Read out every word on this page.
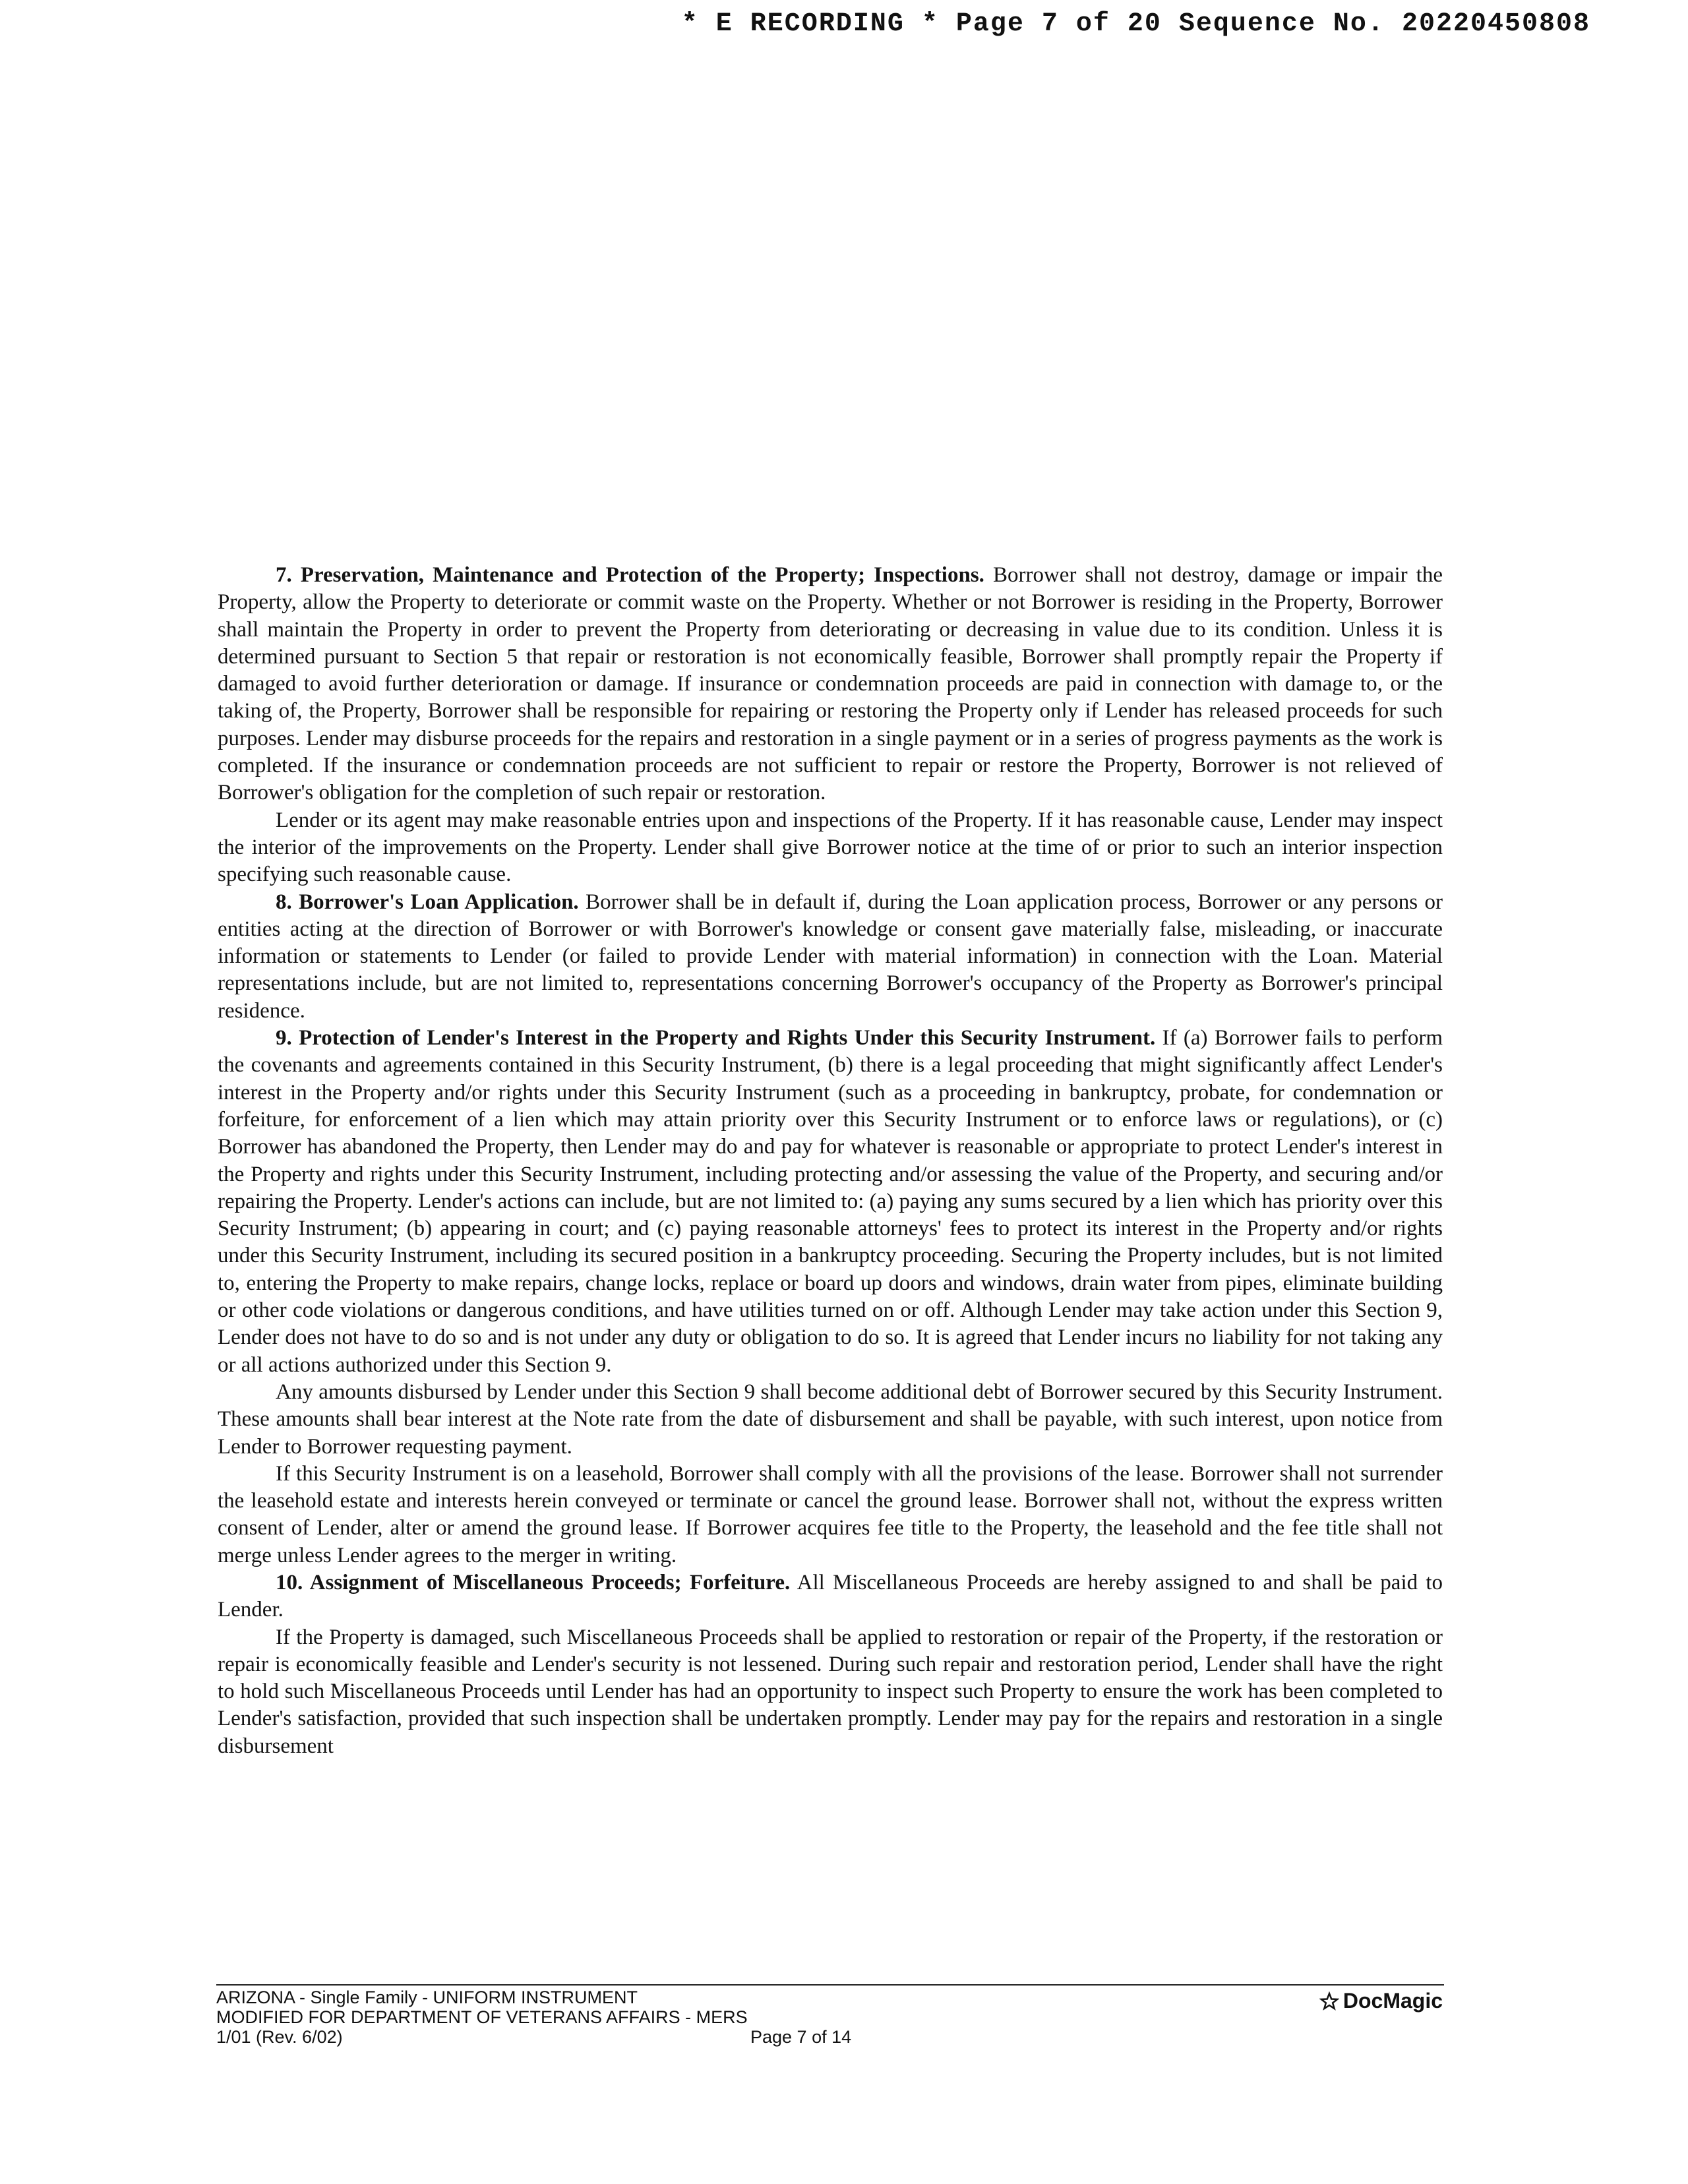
* E RECORDING * Page 7 of 20 Sequence No. 20220450808

7. Preservation, Maintenance and Protection of the Property; Inspections. Borrower shall not destroy, damage or impair the Property, allow the Property to deteriorate or commit waste on the Property. Whether or not Borrower is residing in the Property, Borrower shall maintain the Property in order to prevent the Property from deteriorating or decreasing in value due to its condition. Unless it is determined pursuant to Section 5 that repair or restoration is not economically feasible, Borrower shall promptly repair the Property if damaged to avoid further deterioration or damage. If insurance or condemnation proceeds are paid in connection with damage to, or the taking of, the Property, Borrower shall be responsible for repairing or restoring the Property only if Lender has released proceeds for such purposes. Lender may disburse proceeds for the repairs and restoration in a single payment or in a series of progress payments as the work is completed. If the insurance or condemnation proceeds are not sufficient to repair or restore the Property, Borrower is not relieved of Borrower's obligation for the completion of such repair or restoration.

Lender or its agent may make reasonable entries upon and inspections of the Property. If it has reasonable cause, Lender may inspect the interior of the improvements on the Property. Lender shall give Borrower notice at the time of or prior to such an interior inspection specifying such reasonable cause.

8. Borrower's Loan Application. Borrower shall be in default if, during the Loan application process, Borrower or any persons or entities acting at the direction of Borrower or with Borrower's knowledge or consent gave materially false, misleading, or inaccurate information or statements to Lender (or failed to provide Lender with material information) in connection with the Loan. Material representations include, but are not limited to, representations concerning Borrower's occupancy of the Property as Borrower's principal residence.

9. Protection of Lender's Interest in the Property and Rights Under this Security Instrument. If (a) Borrower fails to perform the covenants and agreements contained in this Security Instrument, (b) there is a legal proceeding that might significantly affect Lender's interest in the Property and/or rights under this Security Instrument (such as a proceeding in bankruptcy, probate, for condemnation or forfeiture, for enforcement of a lien which may attain priority over this Security Instrument or to enforce laws or regulations), or (c) Borrower has abandoned the Property, then Lender may do and pay for whatever is reasonable or appropriate to protect Lender's interest in the Property and rights under this Security Instrument, including protecting and/or assessing the value of the Property, and securing and/or repairing the Property. Lender's actions can include, but are not limited to: (a) paying any sums secured by a lien which has priority over this Security Instrument; (b) appearing in court; and (c) paying reasonable attorneys' fees to protect its interest in the Property and/or rights under this Security Instrument, including its secured position in a bankruptcy proceeding. Securing the Property includes, but is not limited to, entering the Property to make repairs, change locks, replace or board up doors and windows, drain water from pipes, eliminate building or other code violations or dangerous conditions, and have utilities turned on or off. Although Lender may take action under this Section 9, Lender does not have to do so and is not under any duty or obligation to do so. It is agreed that Lender incurs no liability for not taking any or all actions authorized under this Section 9.

Any amounts disbursed by Lender under this Section 9 shall become additional debt of Borrower secured by this Security Instrument. These amounts shall bear interest at the Note rate from the date of disbursement and shall be payable, with such interest, upon notice from Lender to Borrower requesting payment.

If this Security Instrument is on a leasehold, Borrower shall comply with all the provisions of the lease. Borrower shall not surrender the leasehold estate and interests herein conveyed or terminate or cancel the ground lease. Borrower shall not, without the express written consent of Lender, alter or amend the ground lease. If Borrower acquires fee title to the Property, the leasehold and the fee title shall not merge unless Lender agrees to the merger in writing.

10. Assignment of Miscellaneous Proceeds; Forfeiture. All Miscellaneous Proceeds are hereby assigned to and shall be paid to Lender.

If the Property is damaged, such Miscellaneous Proceeds shall be applied to restoration or repair of the Property, if the restoration or repair is economically feasible and Lender's security is not lessened. During such repair and restoration period, Lender shall have the right to hold such Miscellaneous Proceeds until Lender has had an opportunity to inspect such Property to ensure the work has been completed to Lender's satisfaction, provided that such inspection shall be undertaken promptly. Lender may pay for the repairs and restoration in a single disbursement

ARIZONA - Single Family - UNIFORM INSTRUMENT
MODIFIED FOR DEPARTMENT OF VETERANS AFFAIRS - MERS
1/01 (Rev. 6/02)	Page 7 of 14
DocMagic
